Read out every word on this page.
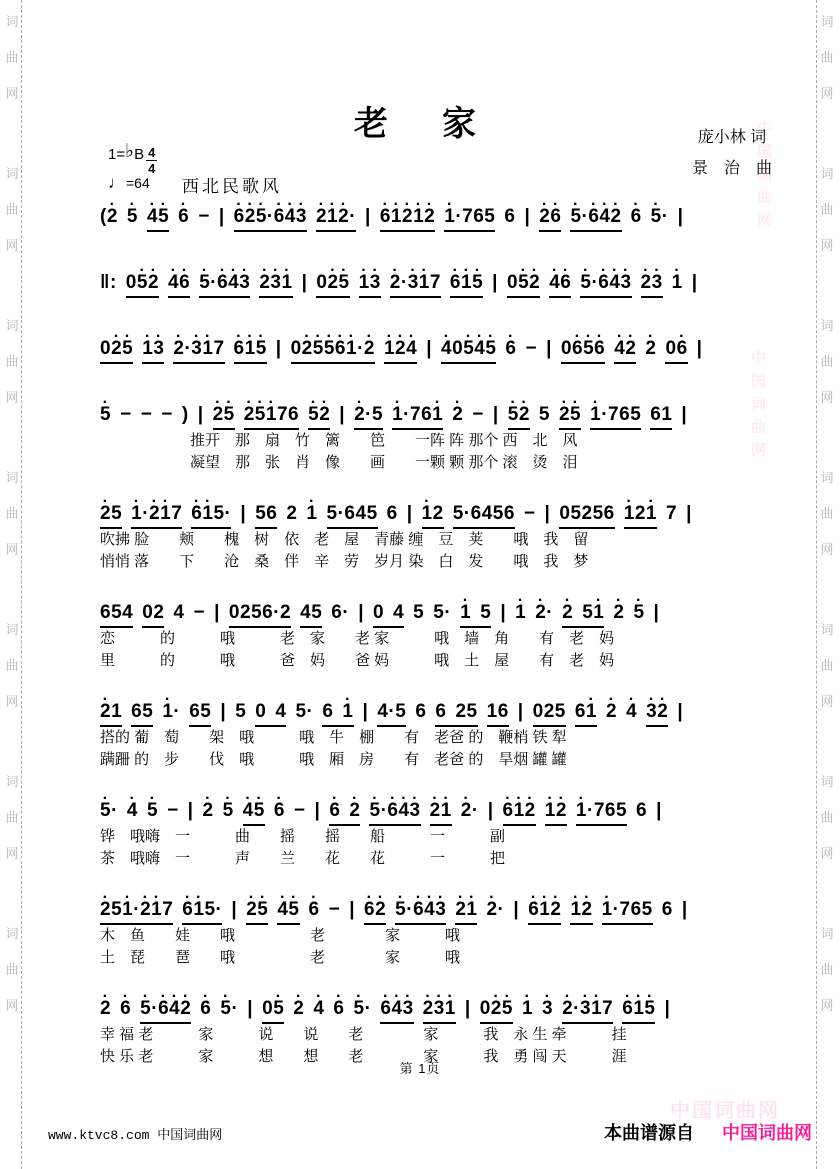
词
曲
网
词
曲
网
词
曲
网
词
曲
网
词
曲
网
词
曲
网
词
曲
网
词
曲
网
词
曲
网
词
曲
网
词
曲
网
词
曲
网
词
曲
网
词
曲
网
中国词曲网
中国词曲网
中国词曲网
老　家	庞小林 词
景　治　曲
1= ♭ B $\frac{4}{4}$
♩ =64 西北民歌风
(2 · 5 · 4 ·5 · 6 · − | 6 ·2 ·5 ··6 ·4 ·3 · 2 ·1 ·2 ·· | 6 ·1 ·2 ·1 ·2 · 1 ··765 6 | 2 ·6 · 5 ··6 ·4 ·2 · 6 · 5 ·· |
‖: 05 ·2 · 4 ·6 · 5 ··6 ·4 ·3 · 2 ·3 ·1 · | 02 ·5 · 1 ·3 · 2 ··3 ·1 ·7 6 ·1 ·5 · | 05 ·2 · 4 ·6 · 5 ··6 ·4 ·3 · 2 ·3 · 1 · |
02 ·5 · 1 ·3 · 2 ··3 ·1 ·7 6 ·1 ·5 · | 02 ·5 ·5 ·6 ·1 ··2 · 1 ·2 ·4 · | 4 ·05 ·4 ·5 · 6 · − | 06 ·5 ·6 · 4 ·2 · 2 · 06 · |
5 · − − − ) | 2 ·5 · 2 ·5 ·1 ·76 5 ·2 · | 2 ··5 1 ··761 · 2 · − | 5 ·2 · 5 2 ·5 · 1 ··765 61 |
　　　　　　推开　那　扇　竹　篱　　笆　　一阵 阵 那个 西　北　风
　　　　　　凝望　那　张　肖　像　　画　　一颗 颗 那个 滚　烫　泪
2 ·5 1 ··2 ·1 ·7 6 ·1 ·5· | 56 2 1 · 5·645 6 | 1 ·2 5·6456 − | 05256 1 ·21 · 7 |
吹拂 脸　　颊　　槐　树　依　老　屋　青藤 缠　豆　荚　　哦　我　留
悄悄 落　　下　　沧　桑　伴　辛　劳　岁月 染　白　发　　哦　我　梦
654 02 4 − | 0256·2 45 6· | 0 4 5 5· 1 · 5 | 1 · 2 ·· 2 · 51 · 2 · 5 · |
恋　　　的　　　哦　　　老　家　　老 家　　　哦　墙　角　　有　老　妈
里　　　的　　　哦　　　爸　妈　　爸 妈　　　哦　土　屋　　有　老　妈
2 ·1 65 1 ·· 65 | 5 0 4 5· 6 1 · | 4·5 6 6 25 16 | 025 61 · 2 · 4 · 3 ·2 · |
搭的 葡　萄　　架　哦　　　哦　牛　棚　　有　老爸 的　鞭梢 铁 犁
蹒跚 的　步　　伐　哦　　　哦　厢　房　　有　老爸 的　旱烟 罐 罐
5 ·· 4 · 5 · − | 2 · 5 · 4 ·5 · 6 · − | 6 · 2 · 5 ··6 ·4 ·3 · 2 ·1 · 2 ·· | 6 ·1 ·2 · 1 ·2 · 1 ··765 6 |
铧　哦嗨　一　　　曲　　摇　　摇　　船　　　一　　　副
茶　哦嗨　一　　　声　　兰　　花　　花　　　一　　　把
2 ·51 ··2 ·1 ·7 6 ·1 ·5· | 2 ·5 · 4 ·5 · 6 · − | 6 ·2 · 5 ··6 ·4 ·3 · 2 ·1 · 2 ·· | 6 ·1 ·2 · 1 ·2 · 1 ··765 6 |
木　鱼　　娃　　哦　　　　　老　　　　家　　　哦
土　琵　　琶　　哦　　　　　老　　　　家　　　哦
2 · 6 · 5 ··6 ·4 ·2 · 6 · 5 ·· | 05 · 2 · 4 · 6 · 5 ·· 6 ·4 ·3 · 2 ·3 ·1 · | 02 ·5 · 1 · 3 · 2 ··3 ·1 ·7 6 ·1 ·5 · |
幸 福 老　　　家　　　说　　说　　老　　　　家　　　我　永 生 牵　　　挂
快 乐 老　　　家　　　想　　想　　老　　　　家　　　我　勇 闯 天　　　涯
第 1页
www.ktvc8.com 中国词曲网	本曲谱源自 中国词曲网
